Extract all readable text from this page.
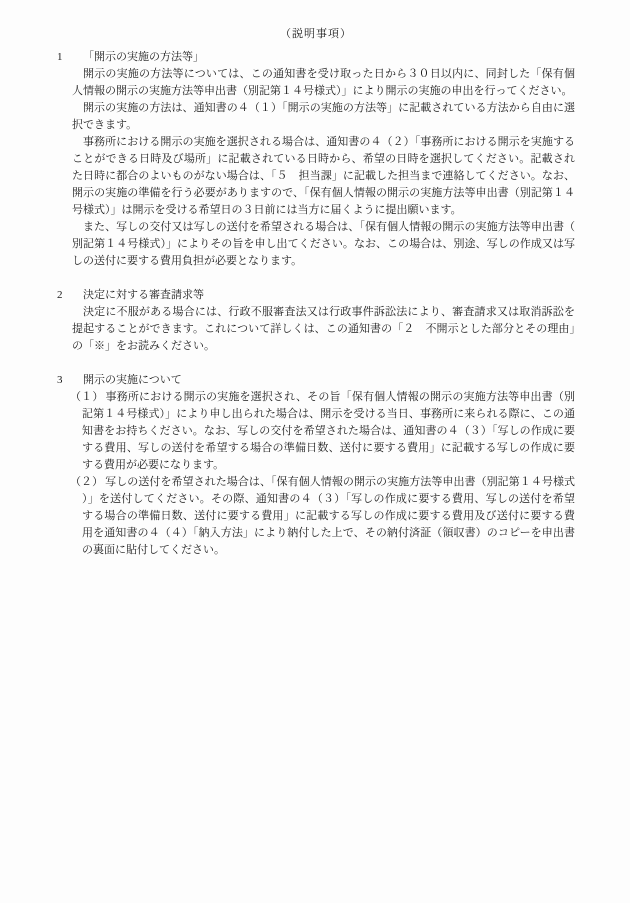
（説明事項）
1	「開示の実施の方法等」
開示の実施の方法等については、この通知書を受け取った日から３０日以内に、同封した「保有個人情報の開示の実施方法等申出書（別記第１４号様式）」により開示の実施の申出を行ってください。
開示の実施の方法は、通知書の４（１）「開示の実施の方法等」に記載されている方法から自由に選択できます。
事務所における開示の実施を選択される場合は、通知書の４（２）「事務所における開示を実施することができる日時及び場所」に記載されている日時から、希望の日時を選択してください。記載された日時に都合のよいものがない場合は、「５　担当課」に記載した担当まで連絡してください。なお、開示の実施の準備を行う必要がありますので、「保有個人情報の開示の実施方法等申出書（別記第１４号様式）」は開示を受ける希望日の３日前には当方に届くように提出願います。
また、写しの交付又は写しの送付を希望される場合は、「保有個人情報の開示の実施方法等申出書（別記第１４号様式）」によりその旨を申し出てください。なお、この場合は、別途、写しの作成又は写しの送付に要する費用負担が必要となります。
2	決定に対する審査請求等
決定に不服がある場合には、行政不服審査法又は行政事件訴訟法により、審査請求又は取消訴訟を提起することができます。これについて詳しくは、この通知書の「２　不開示とした部分とその理由」の「※」をお読みください。
3	開示の実施について
（１） 事務所における開示の実施を選択され、その旨「保有個人情報の開示の実施方法等申出書（別記第１４号様式）」により申し出られた場合は、開示を受ける当日、事務所に来られる際に、この通知書をお持ちください。なお、写しの交付を希望された場合は、通知書の４（３）「写しの作成に要する費用、写しの送付を希望する場合の準備日数、送付に要する費用」に記載する写しの作成に要する費用が必要になります。
（２） 写しの送付を希望された場合は、「保有個人情報の開示の実施方法等申出書（別記第１４号様式）」を送付してください。その際、通知書の４（３）「写しの作成に要する費用、写しの送付を希望する場合の準備日数、送付に要する費用」に記載する写しの作成に要する費用及び送付に要する費用を通知書の４（４）「納入方法」により納付した上で、その納付済証（領収書）のコピーを申出書の裏面に貼付してください。
